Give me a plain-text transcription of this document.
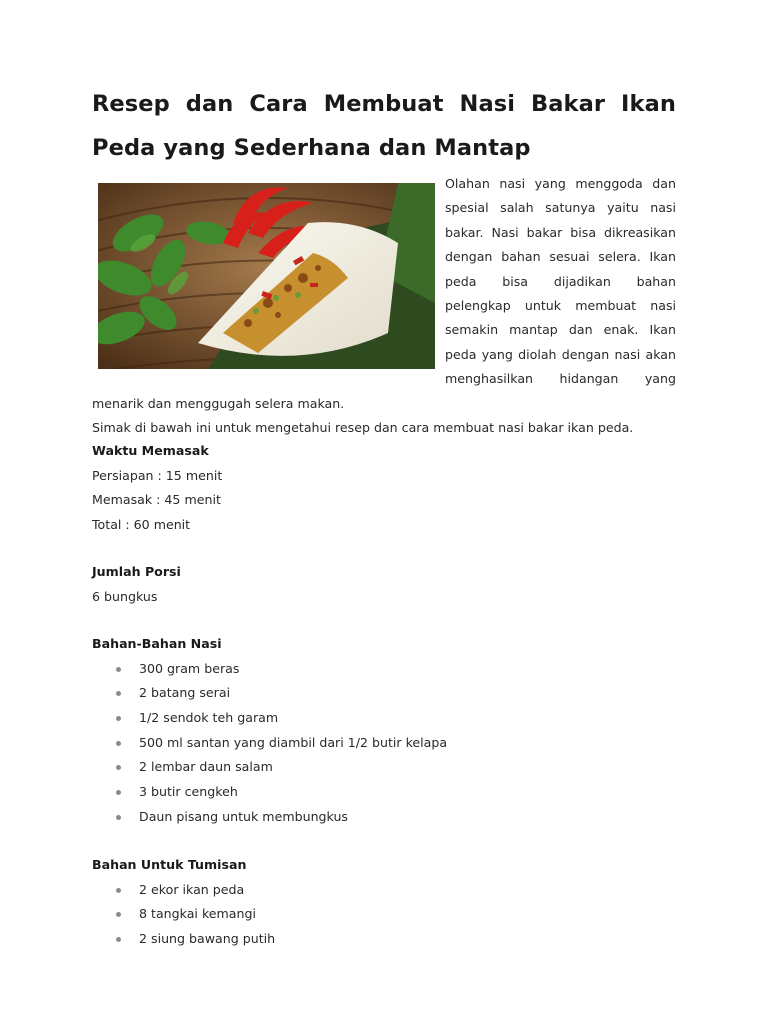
Resep dan Cara Membuat Nasi Bakar Ikan Peda yang Sederhana dan Mantap

Olahan nasi yang menggoda dan spesial salah satunya yaitu nasi bakar. Nasi bakar bisa dikreasikan dengan bahan sesuai selera. Ikan peda bisa dijadikan bahan pelengkap untuk membuat nasi semakin mantap dan enak. Ikan peda yang diolah dengan nasi akan menghasilkan hidangan yang menarik dan menggugah selera makan.

Simak di bawah ini untuk mengetahui resep dan cara membuat nasi bakar ikan peda.

Waktu Memasak

Persiapan : 15 menit

Memasak : 45 menit

Total : 60 menit

Jumlah Porsi

6 bungkus

Bahan-Bahan Nasi

300 gram beras
2 batang serai
1/2 sendok teh garam
500 ml santan yang diambil dari 1/2 butir kelapa
2 lembar daun salam
3 butir cengkeh
Daun pisang untuk membungkus

Bahan Untuk Tumisan

2 ekor ikan peda
8 tangkai kemangi
2 siung bawang putih
